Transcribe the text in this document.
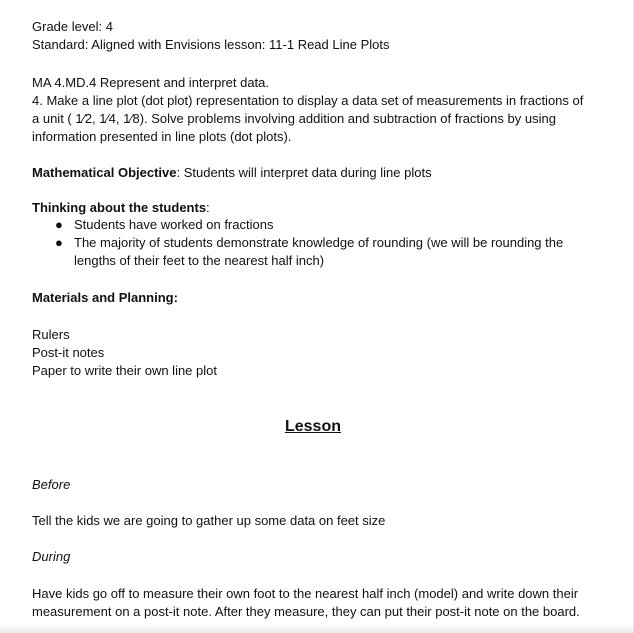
Grade level: 4
Standard: Aligned with Envisions lesson: 11-1 Read Line Plots
MA 4.MD.4 Represent and interpret data.
4. Make a line plot (dot plot) representation to display a data set of measurements in fractions of
a unit ( 1⁄2, 1⁄4, 1⁄8). Solve problems involving addition and subtraction of fractions by using
information presented in line plots (dot plots).
Mathematical Objective: Students will interpret data during line plots
Thinking about the students:
● Students have worked on fractions
● The majority of students demonstrate knowledge of rounding (we will be rounding the
lengths of their feet to the nearest half inch)
Materials and Planning:
Rulers
Post-it notes
Paper to write their own line plot
Lesson
Before
Tell the kids we are going to gather up some data on feet size
During
Have kids go off to measure their own foot to the nearest half inch (model) and write down their
measurement on a post-it note. After they measure, they can put their post-it note on the board.
